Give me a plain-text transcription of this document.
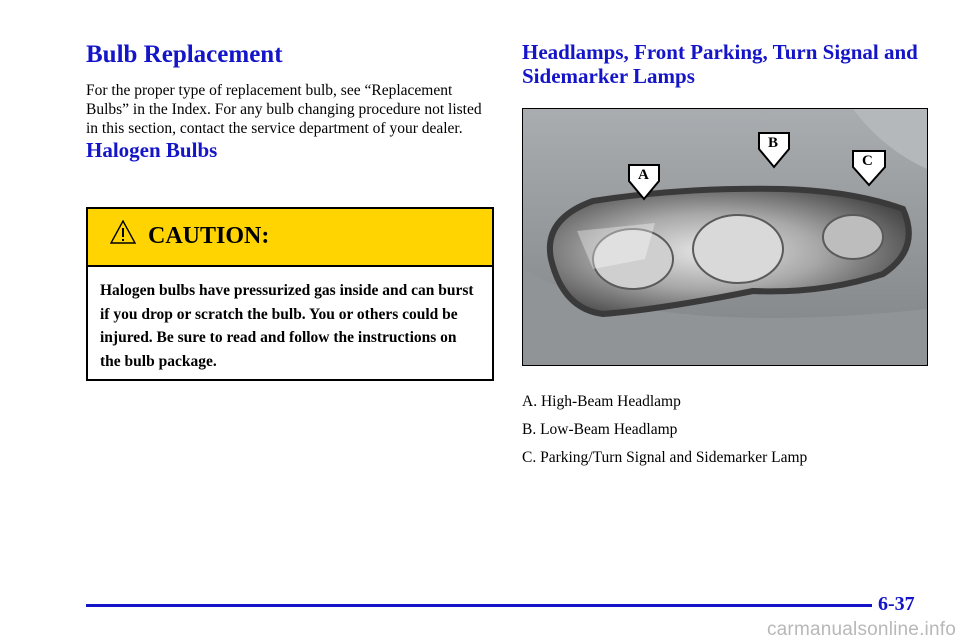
Bulb Replacement

For the proper type of replacement bulb, see “Replacement Bulbs” in the Index. For any bulb changing procedure not listed in this section, contact the service department of your dealer.

Halogen Bulbs
CAUTION:
Halogen bulbs have pressurized gas inside and can burst if you drop or scratch the bulb. You or others could be injured. Be sure to read and follow the instructions on the bulb package.
Headlamps, Front Parking, Turn Signal and Sidemarker Lamps
A
B
C
A. High-Beam Headlamp
B. Low-Beam Headlamp
C. Parking/Turn Signal and Sidemarker Lamp
6-37
carmanualsonline.info
